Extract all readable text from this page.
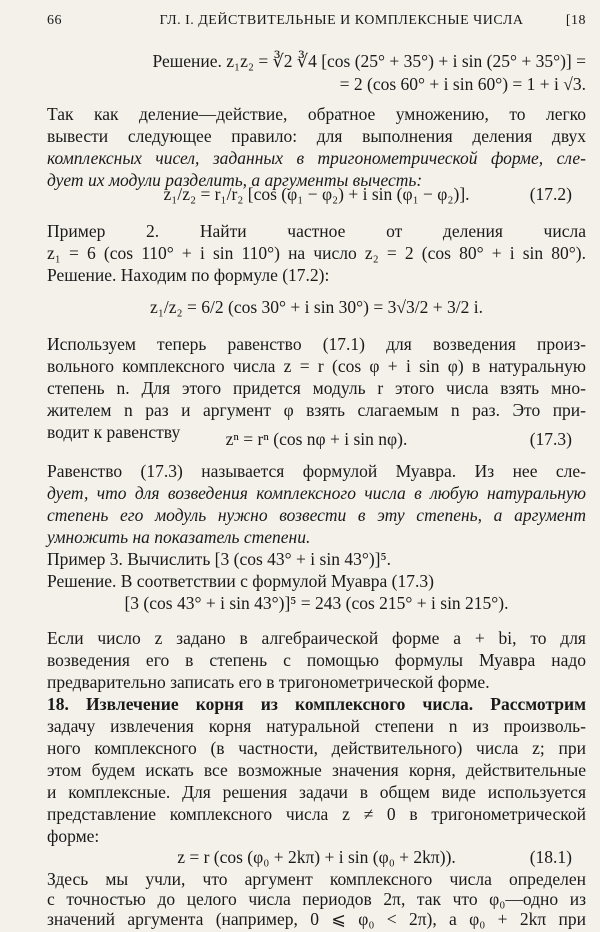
66	ГЛ. I. ДЕЙСТВИТЕЛЬНЫЕ И КОМПЛЕКСНЫЕ ЧИСЛА	[18
Решение. z₁z₂ = ∛2 ∛4 [cos (25° + 35°) + i sin (25° + 35°)] =
= 2 (cos 60° + i sin 60°) = 1 + i √3.
Так как деление—действие, обратное умножению, то легко
вывести следующее правило: для выполнения деления двух
комплексных чисел, заданных в тригонометрической форме, сле-
дует их модули разделить, а аргументы вычесть:
z₁/z₂ = r₁/r₂ [cos (φ₁ − φ₂) + i sin (φ₁ − φ₂)].	(17.2)
Пример 2. Найти частное от деления числа
z₁ = 6 (cos 110° + i sin 110°) на число z₂ = 2 (cos 80° + i sin 80°).
Решение. Находим по формуле (17.2):
z₁/z₂ = 6/2 (cos 30° + i sin 30°) = 3√3/2 + 3/2 i.
Используем теперь равенство (17.1) для возведения произ-
вольного комплексного числа z = r (cos φ + i sin φ) в натуральную
степень n. Для этого придется модуль r этого числа взять мно-
жителем n раз и аргумент φ взять слагаемым n раз. Это при-
водит к равенству	zⁿ = rⁿ (cos nφ + i sin nφ).	(17.3)
Равенство (17.3) называется формулой Муавра. Из нее сле-
дует, что для возведения комплексного числа в любую натуральную
степень его модуль нужно возвести в эту степень, а аргумент
умножить на показатель степени.
Пример 3. Вычислить [3 (cos 43° + i sin 43°)]⁵.
Решение. В соответствии с формулой Муавра (17.3)
[3 (cos 43° + i sin 43°)]⁵ = 243 (cos 215° + i sin 215°).
Если число z задано в алгебраической форме a + bi, то для
возведения его в степень с помощью формулы Муавра надо
предварительно записать его в тригонометрической форме.
18. Извлечение корня из комплексного числа. Рассмотрим
задачу извлечения корня натуральной степени n из произволь-
ного комплексного (в частности, действительного) числа z; при
этом будем искать все возможные значения корня, действительные
и комплексные. Для решения задачи в общем виде используется
представление комплексного числа z ≠ 0 в тригонометрической
форме:
z = r (cos (φ₀ + 2kπ) + i sin (φ₀ + 2kπ)).	(18.1)
Здесь мы учли, что аргумент комплексного числа определен
с точностью до целого числа периодов 2π, так что φ₀—одно из
значений аргумента (например, 0 ⩽ φ₀ < 2π), а φ₀ + 2kπ при
